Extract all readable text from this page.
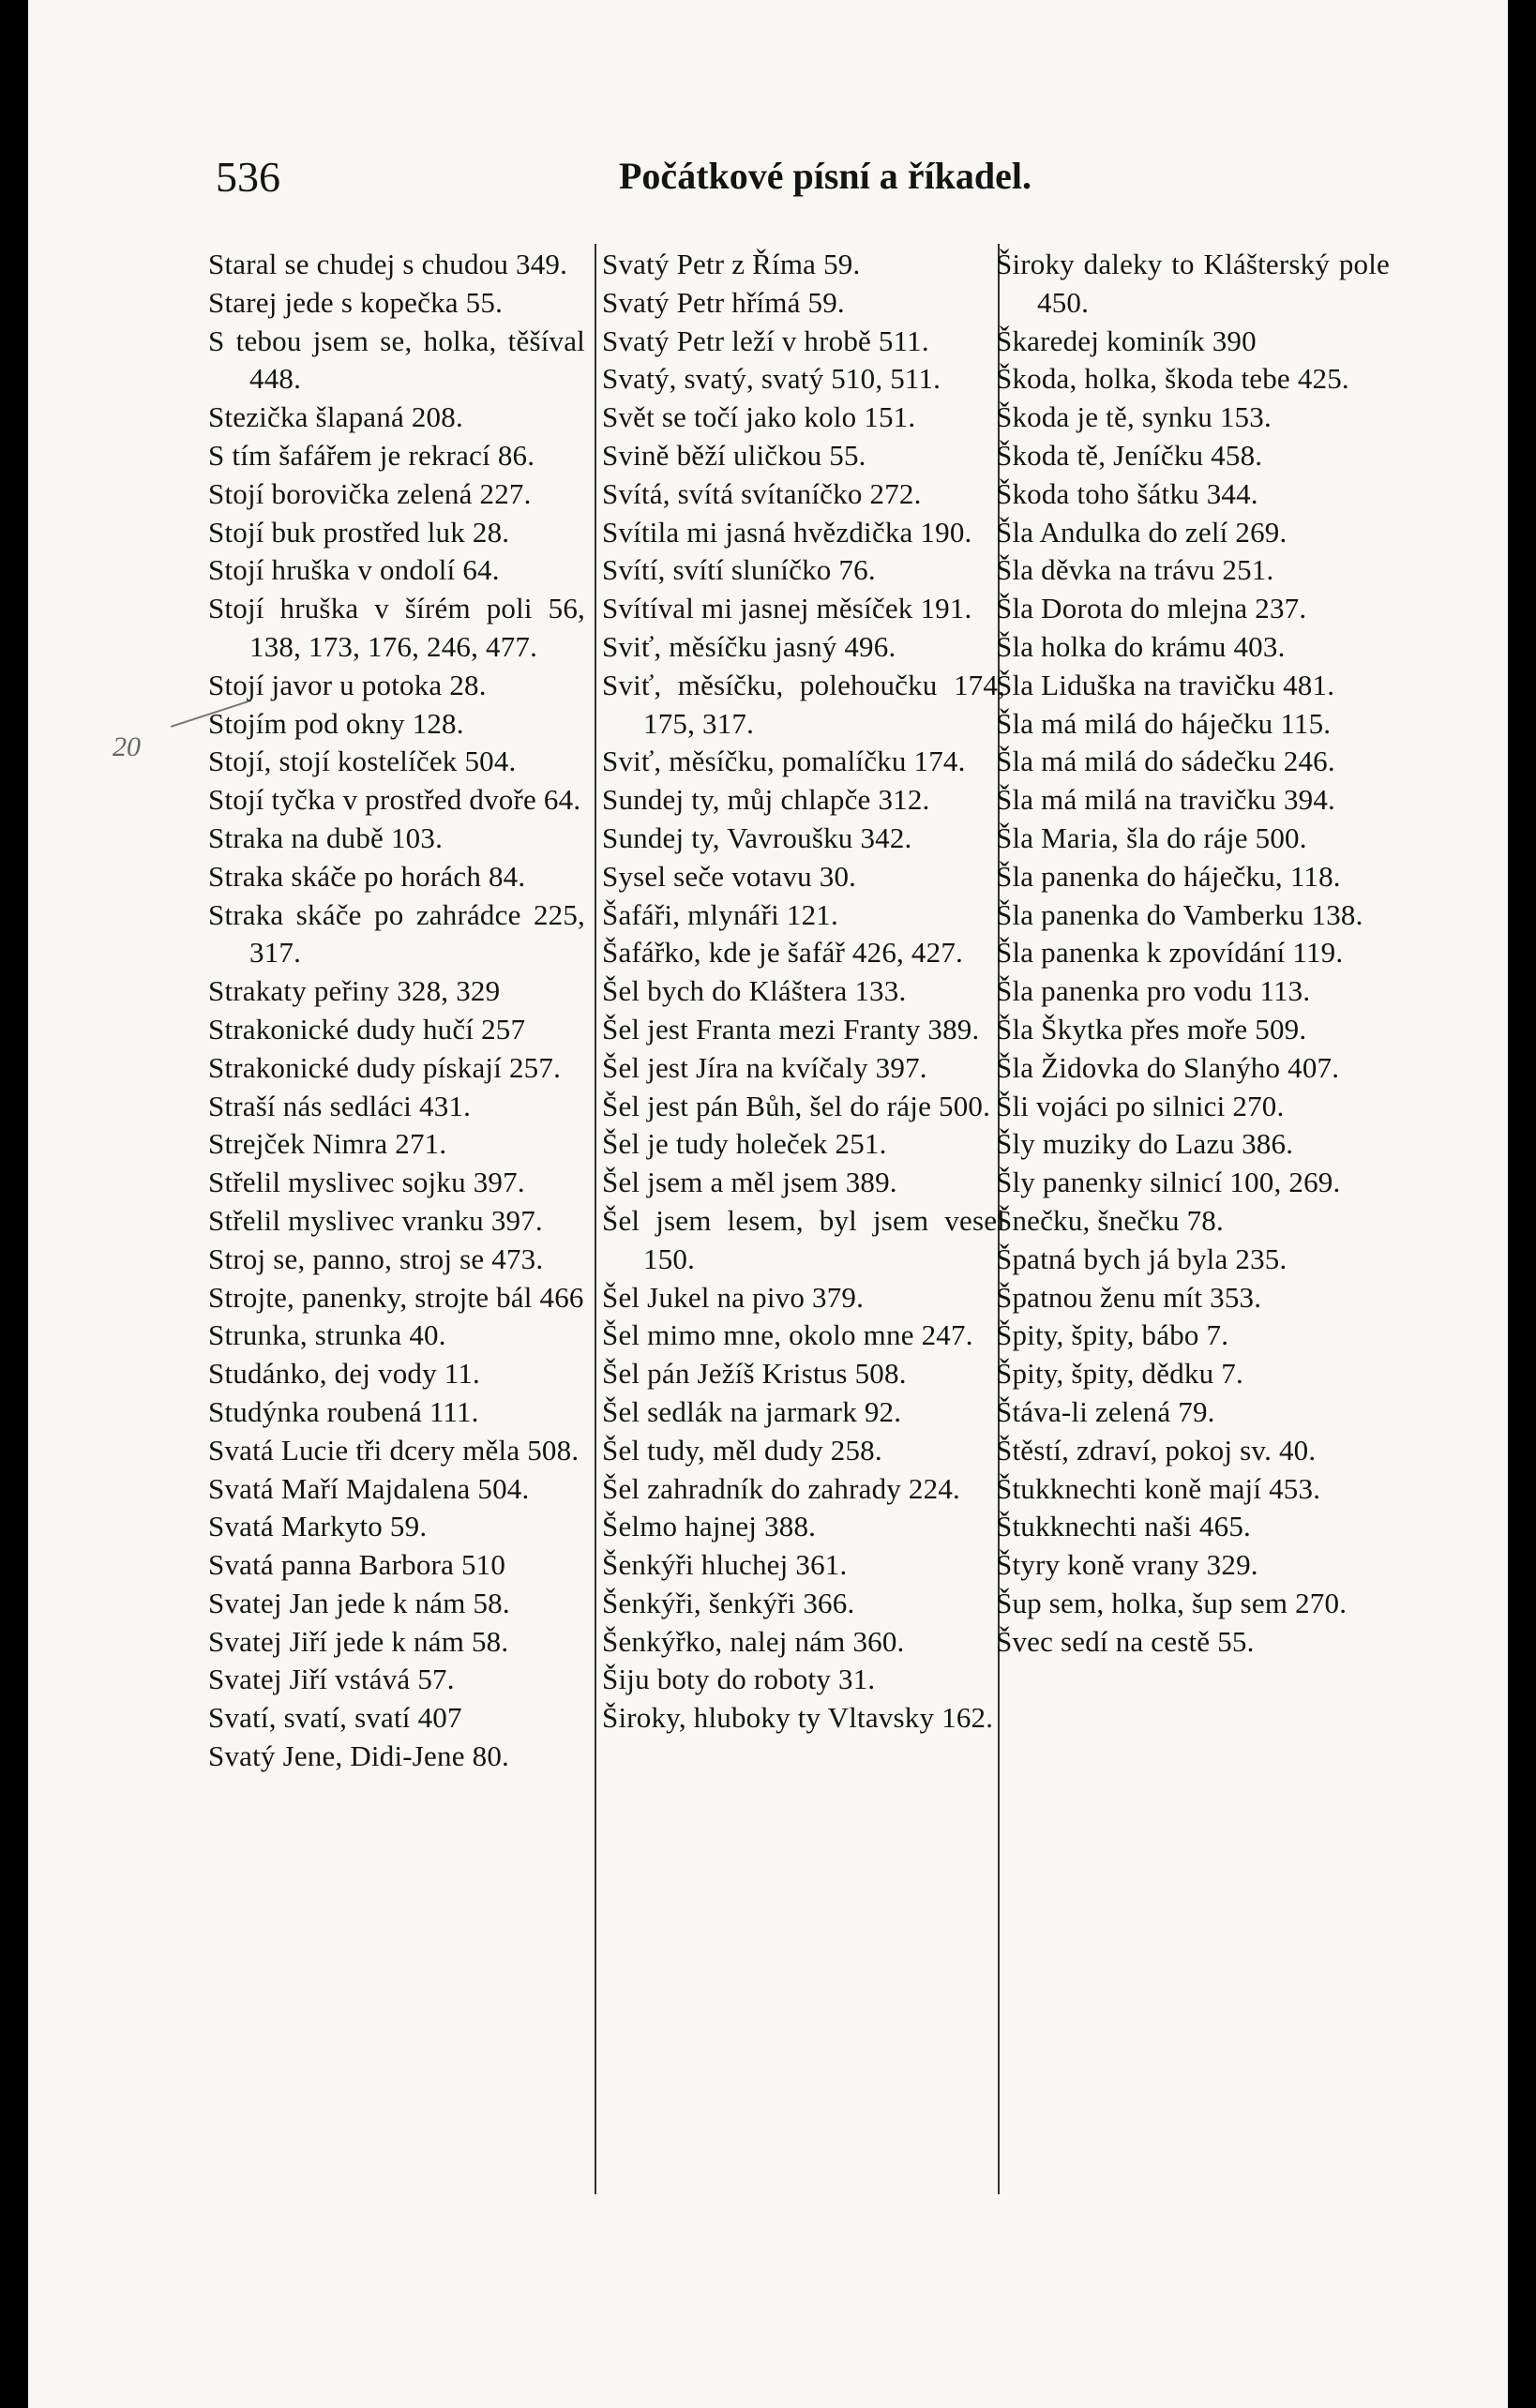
536	Počátkové písní a říkadel.
20
Staral se chudej s chudou 349.
Starej jede s kopečka 55.
S tebou jsem se, holka, těšíval 448.
Stezička šlapaná 208.
S tím šafářem je rekrací 86.
Stojí borovička zelená 227.
Stojí buk prostřed luk 28.
Stojí hruška v ondolí 64.
Stojí hruška v šírém poli 56, 138, 173, 176, 246, 477.
Stojí javor u potoka 28.
Stojím pod okny 128.
Stojí, stojí kostelíček 504.
Stojí tyčka v prostřed dvoře 64.
Straka na dubě 103.
Straka skáče po horách 84.
Straka skáče po zahrádce 225, 317.
Strakaty peřiny 328, 329
Strakonické dudy hučí 257
Strakonické dudy pískají 257.
Straší nás sedláci 431.
Strejček Nimra 271.
Střelil myslivec sojku 397.
Střelil myslivec vranku 397.
Stroj se, panno, stroj se 473.
Strojte, panenky, strojte bál 466
Strunka, strunka 40.
Studánko, dej vody 11.
Studýnka roubená 111.
Svatá Lucie tři dcery měla 508.
Svatá Maří Majdalena 504.
Svatá Markyto 59.
Svatá panna Barbora 510
Svatej Jan jede k nám 58.
Svatej Jiří jede k nám 58.
Svatej Jiří vstává 57.
Svatí, svatí, svatí 407
Svatý Jene, Didi-Jene 80.
Svatý Petr z Říma 59.
Svatý Petr hřímá 59.
Svatý Petr leží v hrobě 511.
Svatý, svatý, svatý 510, 511.
Svět se točí jako kolo 151.
Svině běží uličkou 55.
Svítá, svítá svítaníčko 272.
Svítila mi jasná hvězdička 190.
Svítí, svítí sluníčko 76.
Svítíval mi jasnej měsíček 191.
Sviť, měsíčku jasný 496.
Sviť, měsíčku, polehoučku 174, 175, 317.
Sviť, měsíčku, pomalíčku 174.
Sundej ty, můj chlapče 312.
Sundej ty, Vavroušku 342.
Sysel seče votavu 30.
Šafáři, mlynáři 121.
Šafářko, kde je šafář 426, 427.
Šel bych do Kláštera 133.
Šel jest Franta mezi Franty 389.
Šel jest Jíra na kvíčaly 397.
Šel jest pán Bůh, šel do ráje 500.
Šel je tudy holeček 251.
Šel jsem a měl jsem 389.
Šel jsem lesem, byl jsem vesel 150.
Šel Jukel na pivo 379.
Šel mimo mne, okolo mne 247.
Šel pán Ježíš Kristus 508.
Šel sedlák na jarmark 92.
Šel tudy, měl dudy 258.
Šel zahradník do zahrady 224.
Šelmo hajnej 388.
Šenkýři hluchej 361.
Šenkýři, šenkýři 366.
Šenkýřko, nalej nám 360.
Šiju boty do roboty 31.
Široky, hluboky ty Vltavsky 162.
Široky daleky to Klášterský pole 450.
Škaredej kominík 390
Škoda, holka, škoda tebe 425.
Škoda je tě, synku 153.
Škoda tě, Jeníčku 458.
Škoda toho šátku 344.
Šla Andulka do zelí 269.
Šla děvka na trávu 251.
Šla Dorota do mlejna 237.
Šla holka do krámu 403.
Šla Liduška na travičku 481.
Šla má milá do háječku 115.
Šla má milá do sádečku 246.
Šla má milá na travičku 394.
Šla Maria, šla do ráje 500.
Šla panenka do háječku, 118.
Šla panenka do Vamberku 138.
Šla panenka k zpovídání 119.
Šla panenka pro vodu 113.
Šla Škytka přes moře 509.
Šla Židovka do Slanýho 407.
Šli vojáci po silnici 270.
Šly muziky do Lazu 386.
Šly panenky silnicí 100, 269.
Šnečku, šnečku 78.
Špatná bych já byla 235.
Špatnou ženu mít 353.
Špity, špity, bábo 7.
Špity, špity, dědku 7.
Štáva-li zelená 79.
Štěstí, zdraví, pokoj sv. 40.
Štukknechti koně mají 453.
Štukknechti naši 465.
Štyry koně vrany 329.
Šup sem, holka, šup sem 270.
Švec sedí na cestě 55.
